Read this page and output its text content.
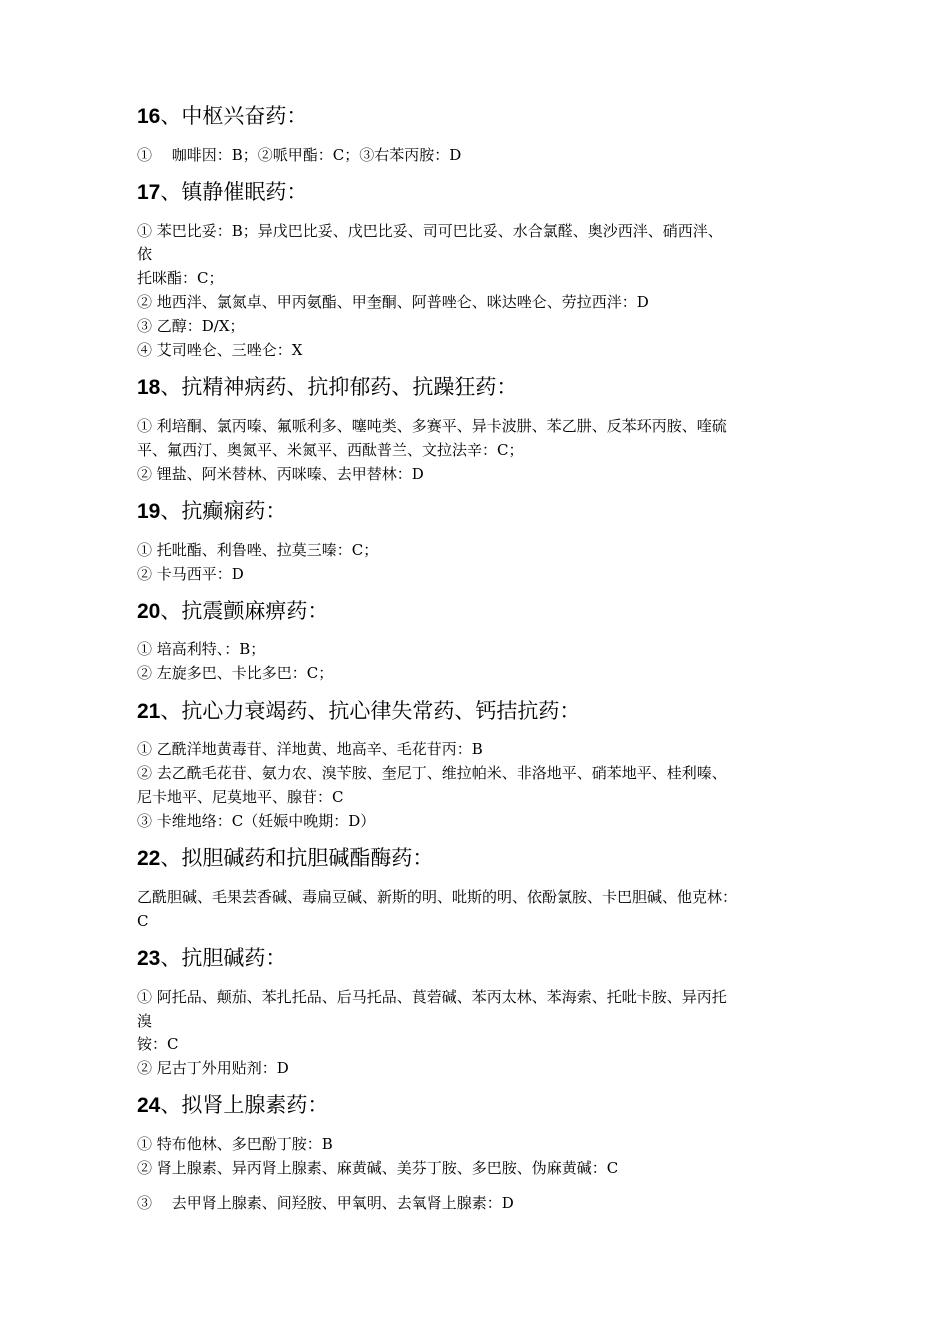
16、中枢兴奋药：
①　 咖啡因：B；②哌甲酯：C；③右苯丙胺：D
17、镇静催眠药：
① 苯巴比妥：B；异戊巴比妥、戊巴比妥、司可巴比妥、水合氯醛、奥沙西泮、硝西泮、
依
托咪酯：C；
② 地西泮、氯氮卓、甲丙氨酯、甲奎酮、阿普唑仑、咪达唑仑、劳拉西泮：D
③ 乙醇：D/X；
④ 艾司唑仑、三唑仑：X
18、抗精神病药、抗抑郁药、抗躁狂药：
① 利培酮、氯丙嗪、氟哌利多、噻吨类、多赛平、异卡波肼、苯乙肼、反苯环丙胺、喹硫
平、氟西汀、奥氮平、米氮平、西酞普兰、文拉法辛：C；
② 锂盐、阿米替林、丙咪嗪、去甲替林：D
19、抗癫痫药：
① 托吡酯、利鲁唑、拉莫三嗪：C；
② 卡马西平：D
20、抗震颤麻痹药：
① 培高利特、：B；
② 左旋多巴、卡比多巴：C；
21、抗心力衰竭药、抗心律失常药、钙拮抗药：
① 乙酰洋地黄毒苷、洋地黄、地高辛、毛花苷丙：B
② 去乙酰毛花苷、氨力农、溴苄胺、奎尼丁、维拉帕米、非洛地平、硝苯地平、桂利嗪、
尼卡地平、尼莫地平、腺苷：C
③ 卡维地络：C（妊娠中晚期：D）
22、拟胆碱药和抗胆碱酯酶药：
乙酰胆碱、毛果芸香碱、毒扁豆碱、新斯的明、吡斯的明、依酚氯胺、卡巴胆碱、他克林：
C
23、抗胆碱药：
① 阿托品、颠茄、苯扎托品、后马托品、莨菪碱、苯丙太林、苯海索、托吡卡胺、异丙托
溴
铵：C
② 尼古丁外用贴剂：D
24、拟肾上腺素药：
① 特布他林、多巴酚丁胺：B
② 肾上腺素、异丙肾上腺素、麻黄碱、美芬丁胺、多巴胺、伪麻黄碱：C
③　 去甲肾上腺素、间羟胺、甲氧明、去氧肾上腺素：D
